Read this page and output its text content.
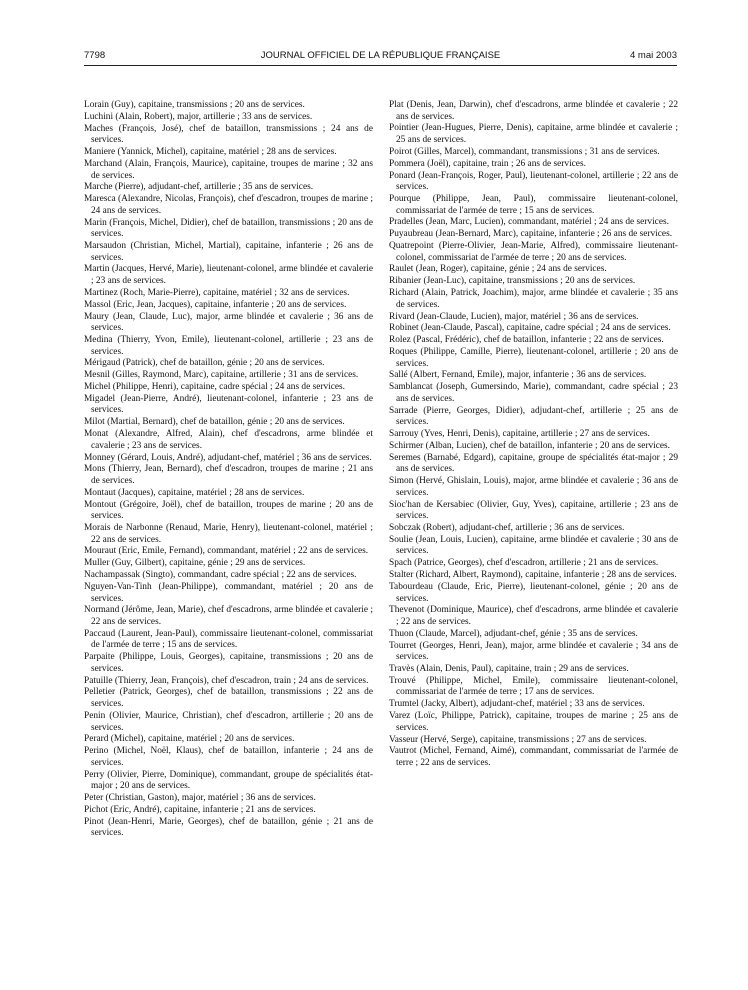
7798	JOURNAL OFFICIEL DE LA RÉPUBLIQUE FRANÇAISE	4 mai 2003

Lorain (Guy), capitaine, transmissions ; 20 ans de services.

Luchini (Alain, Robert), major, artillerie ; 33 ans de services.

Maches (François, José), chef de bataillon, transmissions ; 24 ans de services.

Maniere (Yannick, Michel), capitaine, matériel ; 28 ans de services.

Marchand (Alain, François, Maurice), capitaine, troupes de marine ; 32 ans de services.

Marche (Pierre), adjudant-chef, artillerie ; 35 ans de services.

Maresca (Alexandre, Nicolas, François), chef d'escadron, troupes de marine ; 24 ans de services.

Marin (François, Michel, Didier), chef de bataillon, transmissions ; 20 ans de services.

Marsaudon (Christian, Michel, Martial), capitaine, infanterie ; 26 ans de services.

Martin (Jacques, Hervé, Marie), lieutenant-colonel, arme blindée et cavalerie ; 23 ans de services.

Martinez (Roch, Marie-Pierre), capitaine, matériel ; 32 ans de services.

Massol (Eric, Jean, Jacques), capitaine, infanterie ; 20 ans de services.

Maury (Jean, Claude, Luc), major, arme blindée et cavalerie ; 36 ans de services.

Medina (Thierry, Yvon, Emile), lieutenant-colonel, artillerie ; 23 ans de services.

Mérigaud (Patrick), chef de bataillon, génie ; 20 ans de services.

Mesnil (Gilles, Raymond, Marc), capitaine, artillerie ; 31 ans de services.

Michel (Philippe, Henri), capitaine, cadre spécial ; 24 ans de services.

Migadel (Jean-Pierre, André), lieutenant-colonel, infanterie ; 23 ans de services.

Milot (Martial, Bernard), chef de bataillon, génie ; 20 ans de services.

Monat (Alexandre, Alfred, Alain), chef d'escadrons, arme blindée et cavalerie ; 23 ans de services.

Monney (Gérard, Louis, André), adjudant-chef, matériel ; 36 ans de services.

Mons (Thierry, Jean, Bernard), chef d'escadron, troupes de marine ; 21 ans de services.

Montaut (Jacques), capitaine, matériel ; 28 ans de services.

Montout (Grégoire, Joël), chef de bataillon, troupes de marine ; 20 ans de services.

Morais de Narbonne (Renaud, Marie, Henry), lieutenant-colonel, matériel ; 22 ans de services.

Mouraut (Eric, Emile, Fernand), commandant, matériel ; 22 ans de services.

Muller (Guy, Gilbert), capitaine, génie ; 29 ans de services.

Nachampassak (Singto), commandant, cadre spécial ; 22 ans de services.

Nguyen-Van-Tinh (Jean-Philippe), commandant, matériel ; 20 ans de services.

Normand (Jérôme, Jean, Marie), chef d'escadrons, arme blindée et cavalerie ; 22 ans de services.

Paccaud (Laurent, Jean-Paul), commissaire lieutenant-colonel, commissariat de l'armée de terre ; 15 ans de services.

Parpaite (Philippe, Louis, Georges), capitaine, transmissions ; 20 ans de services.

Patuille (Thierry, Jean, François), chef d'escadron, train ; 24 ans de services.

Pelletier (Patrick, Georges), chef de bataillon, transmissions ; 22 ans de services.

Penin (Olivier, Maurice, Christian), chef d'escadron, artillerie ; 20 ans de services.

Perard (Michel), capitaine, matériel ; 20 ans de services.

Perino (Michel, Noël, Klaus), chef de bataillon, infanterie ; 24 ans de services.

Perry (Olivier, Pierre, Dominique), commandant, groupe de spécialités état-major ; 20 ans de services.

Peter (Christian, Gaston), major, matériel ; 36 ans de services.

Pichot (Eric, André), capitaine, infanterie ; 21 ans de services.

Pinot (Jean-Henri, Marie, Georges), chef de bataillon, génie ; 21 ans de services.

Plat (Denis, Jean, Darwin), chef d'escadrons, arme blindée et cavalerie ; 22 ans de services.

Pointier (Jean-Hugues, Pierre, Denis), capitaine, arme blindée et cavalerie ; 25 ans de services.

Poirot (Gilles, Marcel), commandant, transmissions ; 31 ans de services.

Pommera (Joël), capitaine, train ; 26 ans de services.

Ponard (Jean-François, Roger, Paul), lieutenant-colonel, artillerie ; 22 ans de services.

Pourque (Philippe, Jean, Paul), commissaire lieutenant-colonel, commissariat de l'armée de terre ; 15 ans de services.

Pradelles (Jean, Marc, Lucien), commandant, matériel ; 24 ans de services.

Puyaubreau (Jean-Bernard, Marc), capitaine, infanterie ; 26 ans de services.

Quatrepoint (Pierre-Olivier, Jean-Marie, Alfred), commissaire lieutenant-colonel, commissariat de l'armée de terre ; 20 ans de services.

Raulet (Jean, Roger), capitaine, génie ; 24 ans de services.

Ribanier (Jean-Luc), capitaine, transmissions ; 20 ans de services.

Richard (Alain, Patrick, Joachim), major, arme blindée et cavalerie ; 35 ans de services.

Rivard (Jean-Claude, Lucien), major, matériel ; 36 ans de services.

Robinet (Jean-Claude, Pascal), capitaine, cadre spécial ; 24 ans de services.

Rolez (Pascal, Frédéric), chef de bataillon, infanterie ; 22 ans de services.

Roques (Philippe, Camille, Pierre), lieutenant-colonel, artillerie ; 20 ans de services.

Sallé (Albert, Fernand, Emile), major, infanterie ; 36 ans de services.

Samblancat (Joseph, Gumersindo, Marie), commandant, cadre spécial ; 23 ans de services.

Sarrade (Pierre, Georges, Didier), adjudant-chef, artillerie ; 25 ans de services.

Sarrouy (Yves, Henri, Denis), capitaine, artillerie ; 27 ans de services.

Schirmer (Alban, Lucien), chef de bataillon, infanterie ; 20 ans de services.

Seremes (Barnabé, Edgard), capitaine, groupe de spécialités état-major ; 29 ans de services.

Simon (Hervé, Ghislain, Louis), major, arme blindée et cavalerie ; 36 ans de services.

Sioc'han de Kersabiec (Olivier, Guy, Yves), capitaine, artillerie ; 23 ans de services.

Sobczak (Robert), adjudant-chef, artillerie ; 36 ans de services.

Soulie (Jean, Louis, Lucien), capitaine, arme blindée et cavalerie ; 30 ans de services.

Spach (Patrice, Georges), chef d'escadron, artillerie ; 21 ans de services.

Stalter (Richard, Albert, Raymond), capitaine, infanterie ; 28 ans de services.

Tabourdeau (Claude, Eric, Pierre), lieutenant-colonel, génie ; 20 ans de services.

Thevenot (Dominique, Maurice), chef d'escadrons, arme blindée et cavalerie ; 22 ans de services.

Thuon (Claude, Marcel), adjudant-chef, génie ; 35 ans de services.

Tourret (Georges, Henri, Jean), major, arme blindée et cavalerie ; 34 ans de services.

Travès (Alain, Denis, Paul), capitaine, train ; 29 ans de services.

Trouvé (Philippe, Michel, Emile), commissaire lieutenant-colonel, commissariat de l'armée de terre ; 17 ans de services.

Trumtel (Jacky, Albert), adjudant-chef, matériel ; 33 ans de services.

Varez (Loïc, Philippe, Patrick), capitaine, troupes de marine ; 25 ans de services.

Vasseur (Hervé, Serge), capitaine, transmissions ; 27 ans de services.

Vautrot (Michel, Fernand, Aimé), commandant, commissariat de l'armée de terre ; 22 ans de services.
